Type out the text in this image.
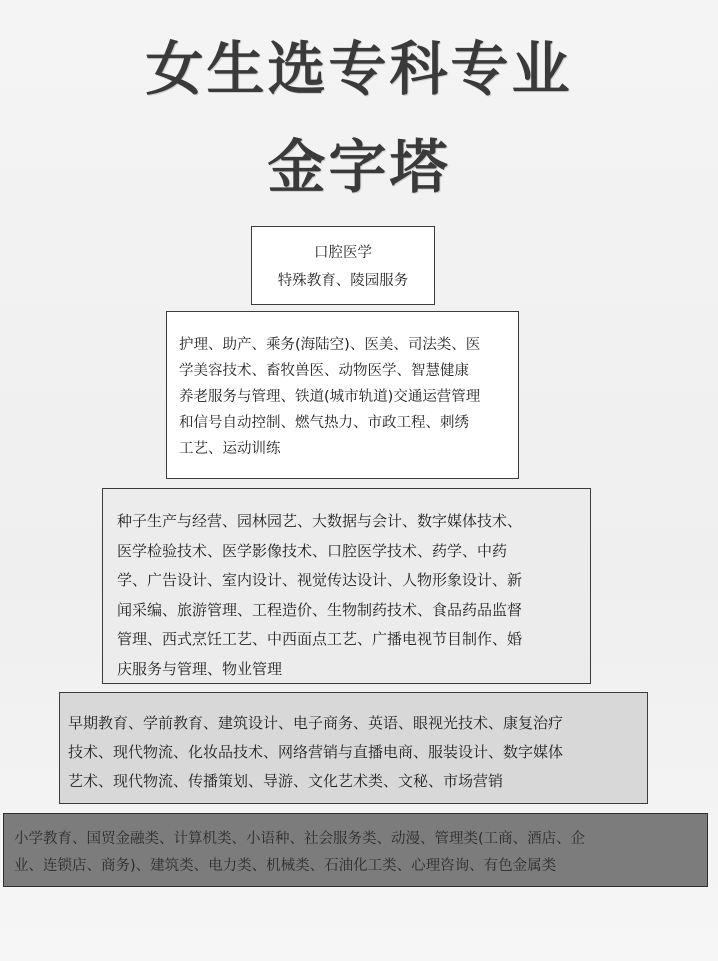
女生选专科专业
金字塔

口腔医学

特殊教育、陵园服务

护理、助产、乘务(海陆空)、医美、司法类、医

学美容技术、畜牧兽医、动物医学、智慧健康

养老服务与管理、铁道(城市轨道)交通运营管理

和信号自动控制、燃气热力、市政工程、刺绣

工艺、运动训练

种子生产与经营、园林园艺、大数据与会计、数字媒体技术、

医学检验技术、医学影像技术、口腔医学技术、药学、中药

学、广告设计、室内设计、视觉传达设计、人物形象设计、新

闻采编、旅游管理、工程造价、生物制药技术、食品药品监督

管理、西式烹饪工艺、中西面点工艺、广播电视节目制作、婚

庆服务与管理、物业管理

早期教育、学前教育、建筑设计、电子商务、英语、眼视光技术、康复治疗

技术、现代物流、化妆品技术、网络营销与直播电商、服装设计、数字媒体

艺术、现代物流、传播策划、导游、文化艺术类、文秘、市场营销

小学教育、国贸金融类、计算机类、小语种、社会服务类、动漫、管理类(工商、酒店、企

业、连锁店、商务)、建筑类、电力类、机械类、石油化工类、心理咨询、有色金属类
